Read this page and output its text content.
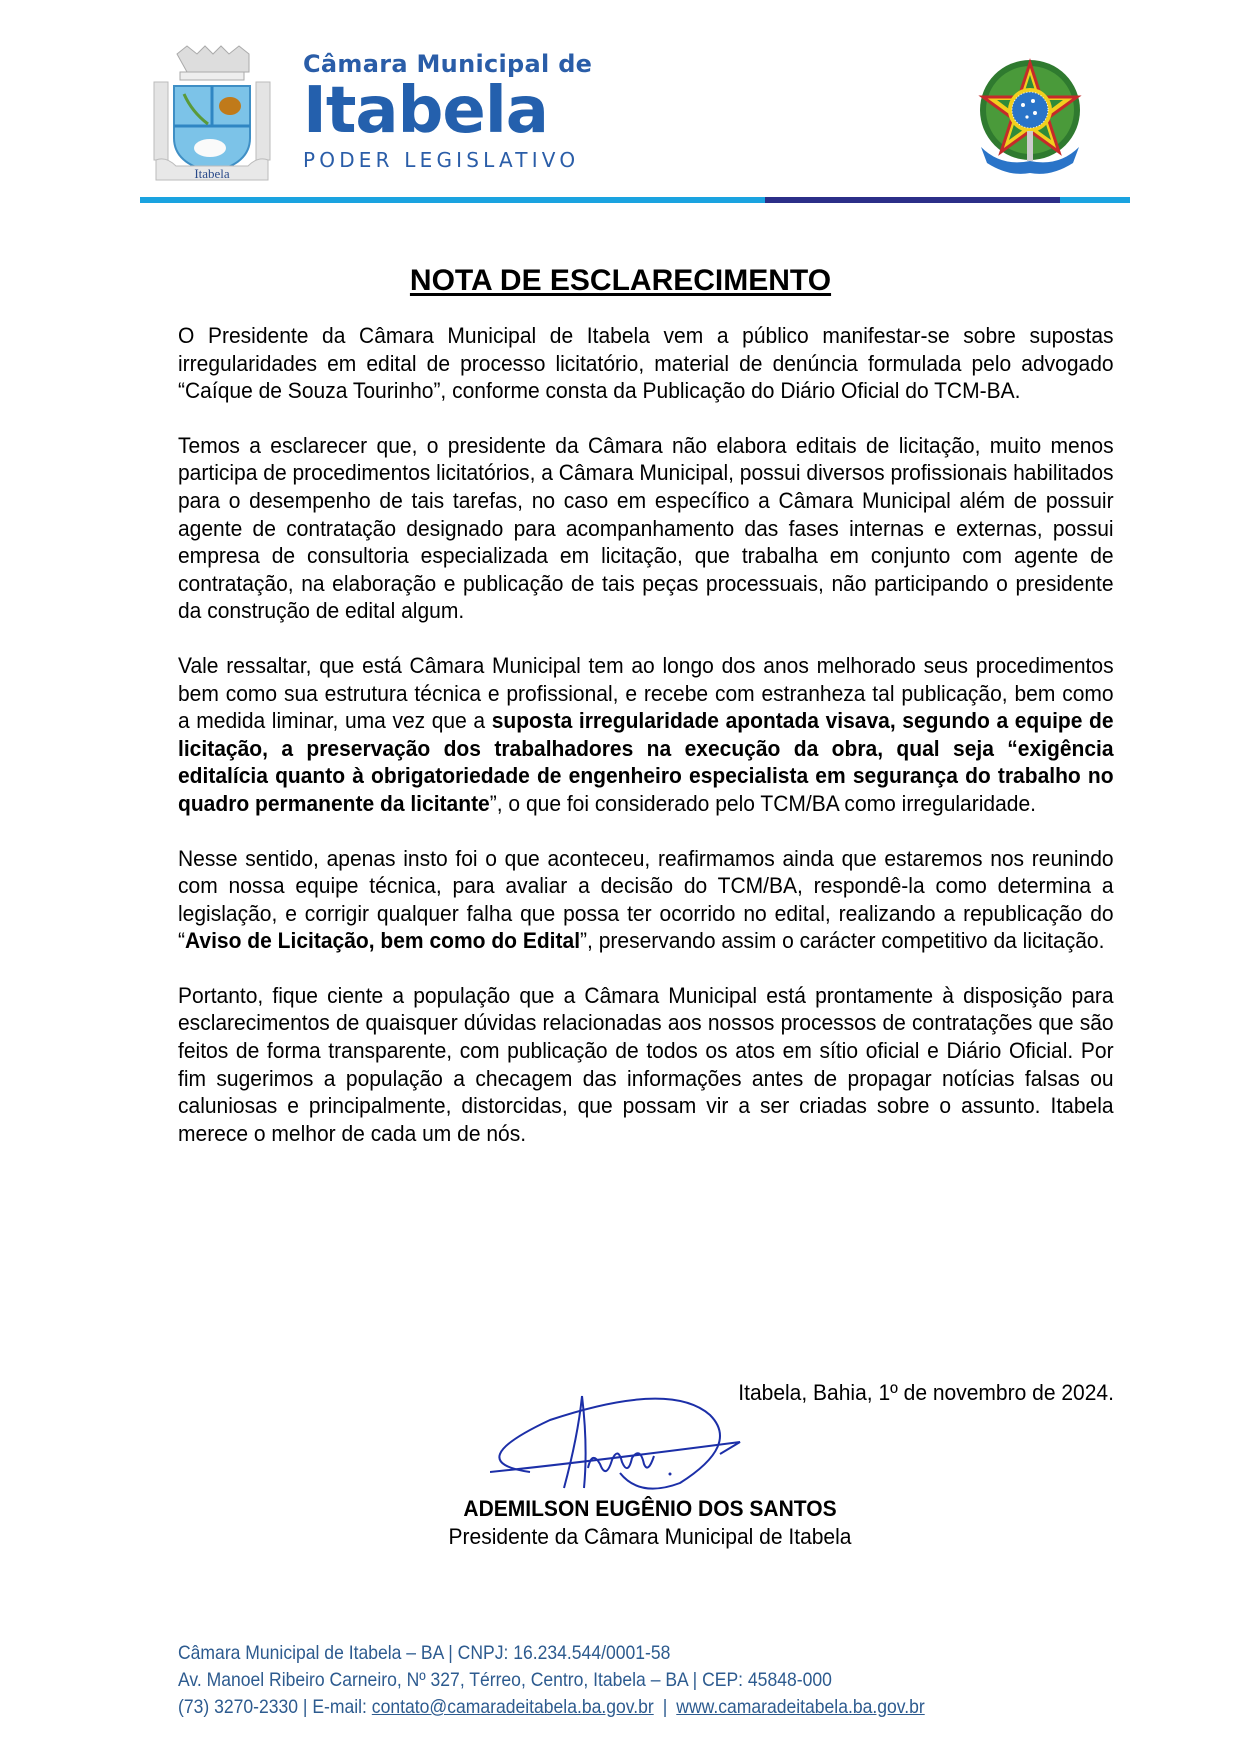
Itabela
Câmara Municipal de
Itabela
PODER LEGISLATIVO
NOTA DE ESCLARECIMENTO

O Presidente da Câmara Municipal de Itabela vem a público manifestar-se sobre supostas irregularidades em edital de processo licitatório, material de denúncia formulada pelo advogado “Caíque de Souza Tourinho”, conforme consta da Publicação do Diário Oficial do TCM-BA.

Temos a esclarecer que, o presidente da Câmara não elabora editais de licitação, muito menos participa de procedimentos licitatórios, a Câmara Municipal, possui diversos profissionais habilitados para o desempenho de tais tarefas, no caso em específico a Câmara Municipal além de possuir agente de contratação designado para acompanhamento das fases internas e externas, possui empresa de consultoria especializada em licitação, que trabalha em conjunto com agente de contratação, na elaboração e publicação de tais peças processuais, não participando o presidente da construção de edital algum.

Vale ressaltar, que está Câmara Municipal tem ao longo dos anos melhorado seus procedimentos bem como sua estrutura técnica e profissional, e recebe com estranheza tal publicação, bem como a medida liminar, uma vez que a suposta irregularidade apontada visava, segundo a equipe de licitação, a preservação dos trabalhadores na execução da obra, qual seja “exigência editalícia quanto à obrigatoriedade de engenheiro especialista em segurança do trabalho no quadro permanente da licitante”, o que foi considerado pelo TCM/BA como irregularidade.

Nesse sentido, apenas insto foi o que aconteceu, reafirmamos ainda que estaremos nos reunindo com nossa equipe técnica, para avaliar a decisão do TCM/BA, respondê-la como determina a legislação, e corrigir qualquer falha que possa ter ocorrido no edital, realizando a republicação do “Aviso de Licitação, bem como do Edital”, preservando assim o carácter competitivo da licitação.

Portanto, fique ciente a população que a Câmara Municipal está prontamente à disposição para esclarecimentos de quaisquer dúvidas relacionadas aos nossos processos de contratações que são feitos de forma transparente, com publicação de todos os atos em sítio oficial e Diário Oficial. Por fim sugerimos a população a checagem das informações antes de propagar notícias falsas ou caluniosas e principalmente, distorcidas, que possam vir a ser criadas sobre o assunto. Itabela merece o melhor de cada um de nós.

Itabela, Bahia, 1º de novembro de 2024.
ADEMILSON EUGÊNIO DOS SANTOS
Presidente da Câmara Municipal de Itabela
Câmara Municipal de Itabela – BA | CNPJ: 16.234.544/0001-58
Av. Manoel Ribeiro Carneiro, Nº 327, Térreo, Centro, Itabela – BA | CEP: 45848-000
(73) 3270-2330 | E-mail: contato@camaradeitabela.ba.gov.br | www.camaradeitabela.ba.gov.br
